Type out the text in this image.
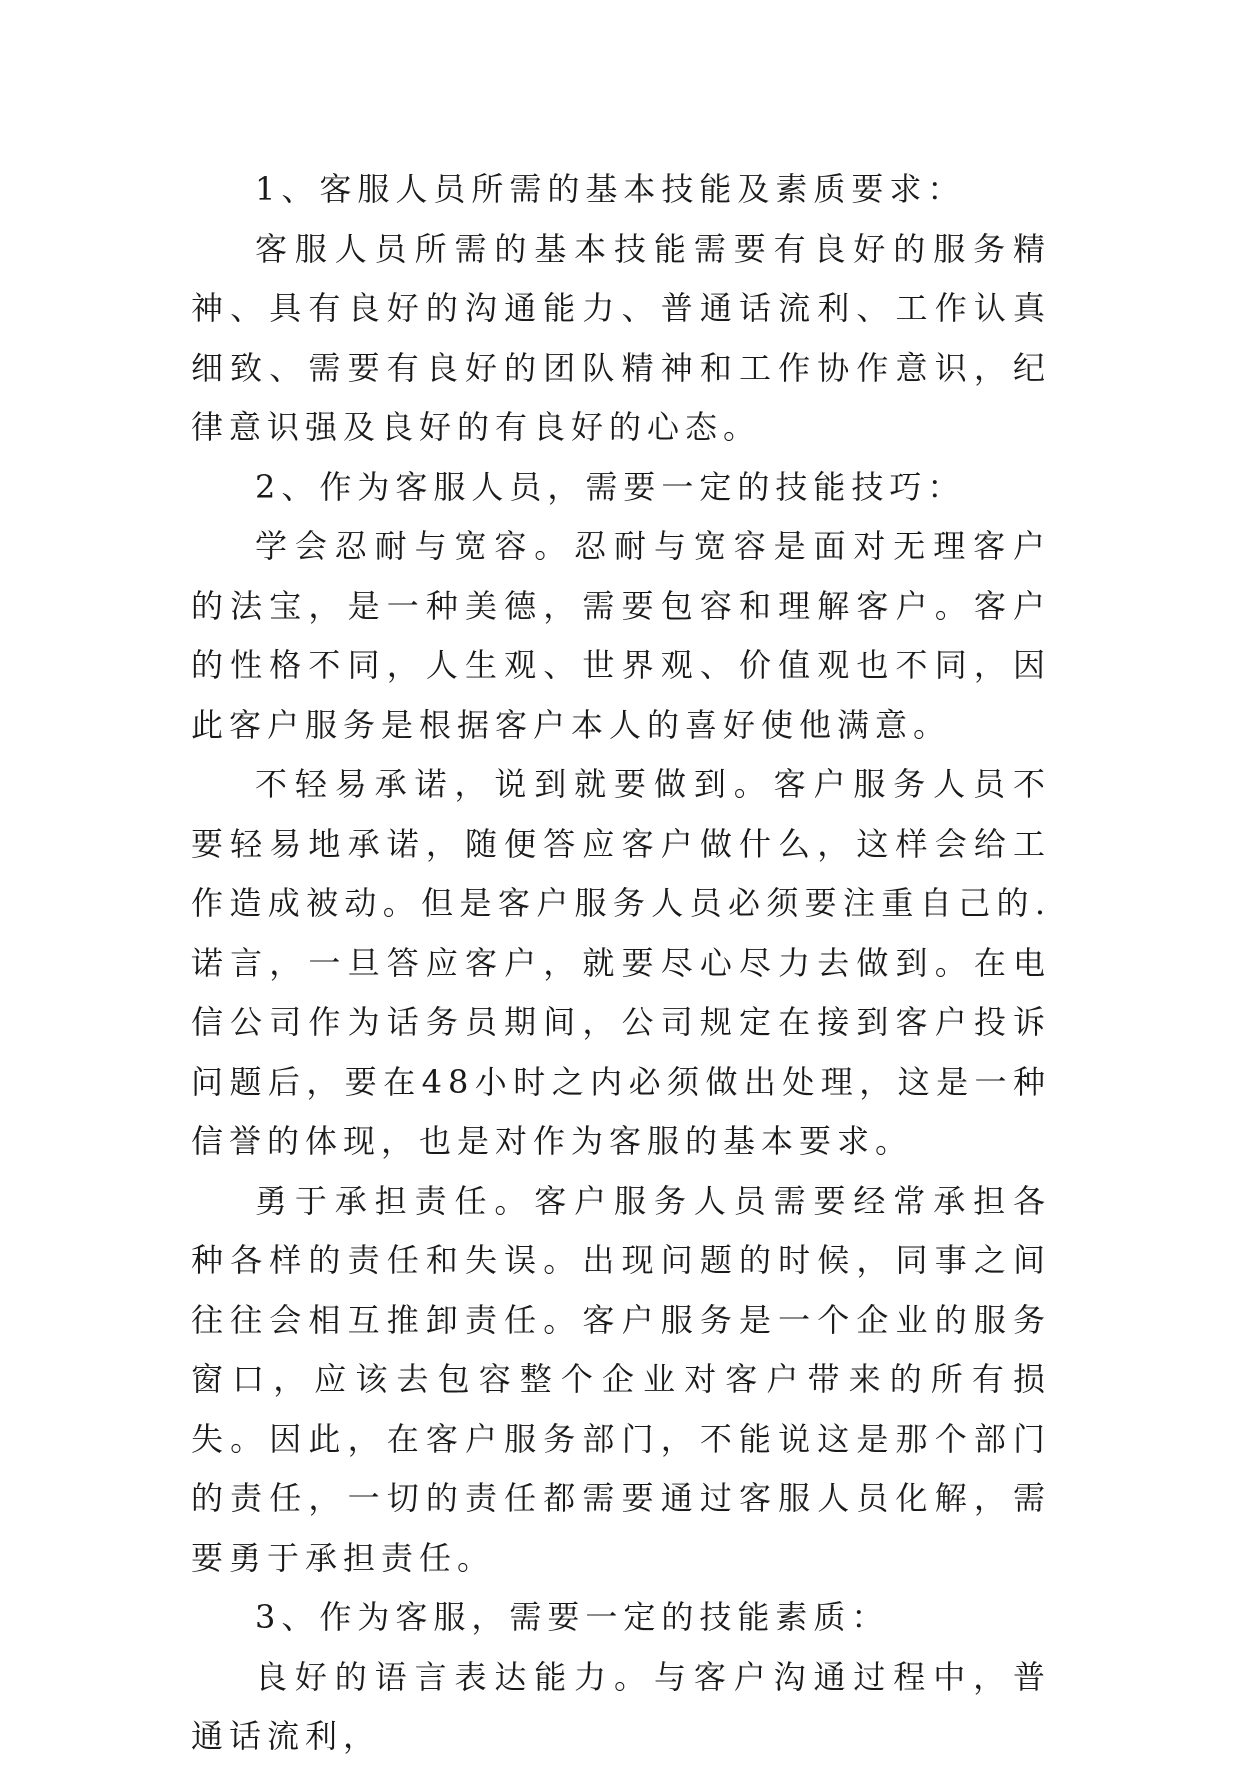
1、客服人员所需的基本技能及素质要求：

客服人员所需的基本技能需要有良好的服务精神、具有良好的沟通能力、普通话流利、工作认真细致、需要有良好的团队精神和工作协作意识，纪律意识强及良好的有良好的心态。

2、作为客服人员，需要一定的技能技巧：

学会忍耐与宽容。忍耐与宽容是面对无理客户的法宝，是一种美德，需要包容和理解客户。客户的性格不同，人生观、世界观、价值观也不同，因此客户服务是根据客户本人的喜好使他满意。

不轻易承诺，说到就要做到。客户服务人员不要轻易地承诺，随便答应客户做什么，这样会给工作造成被动。但是客户服务人员必须要注重自己的.诺言，一旦答应客户，就要尽心尽力去做到。在电信公司作为话务员期间，公司规定在接到客户投诉问题后，要在48小时之内必须做出处理，这是一种信誉的体现，也是对作为客服的基本要求。

勇于承担责任。客户服务人员需要经常承担各种各样的责任和失误。出现问题的时候，同事之间往往会相互推卸责任。客户服务是一个企业的服务窗口，应该去包容整个企业对客户带来的所有损失。因此，在客户服务部门，不能说这是那个部门的责任，一切的责任都需要通过客服人员化解，需要勇于承担责任。

3、作为客服，需要一定的技能素质：

良好的语言表达能力。与客户沟通过程中，普通话流利，
